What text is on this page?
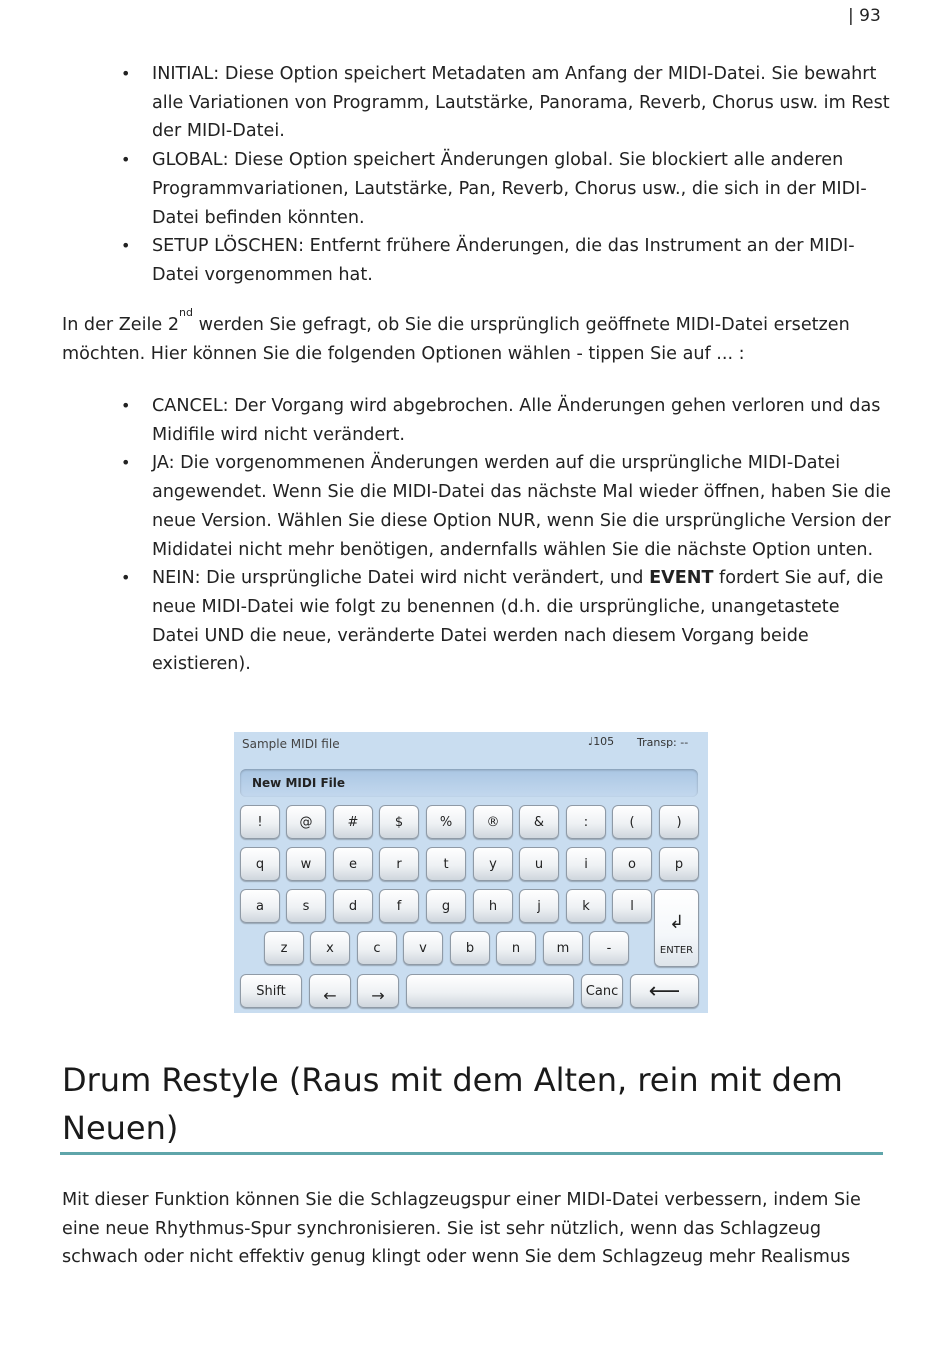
| 93
• INITIAL: Diese Option speichert Metadaten am Anfang der MIDI-Datei. Sie bewahrt alle Variationen von Programm, Lautstärke, Panorama, Reverb, Chorus usw. im Rest der MIDI-Datei.
• GLOBAL: Diese Option speichert Änderungen global. Sie blockiert alle anderen Programmvariationen, Lautstärke, Pan, Reverb, Chorus usw., die sich in der MIDI-Datei befinden könnten.
• SETUP LÖSCHEN: Entfernt frühere Änderungen, die das Instrument an der MIDI-Datei vorgenommen hat.

In der Zeile 2nd werden Sie gefragt, ob Sie die ursprünglich geöffnete MIDI-Datei ersetzen möchten. Hier können Sie die folgenden Optionen wählen - tippen Sie auf ... :

• CANCEL: Der Vorgang wird abgebrochen. Alle Änderungen gehen verloren und das Midifile wird nicht verändert.
• JA: Die vorgenommenen Änderungen werden auf die ursprüngliche MIDI-Datei angewendet. Wenn Sie die MIDI-Datei das nächste Mal wieder öffnen, haben Sie die neue Version. Wählen Sie diese Option NUR, wenn Sie die ursprüngliche Version der Mididatei nicht mehr benötigen, andernfalls wählen Sie die nächste Option unten.
• NEIN: Die ursprüngliche Datei wird nicht verändert, und EVENT fordert Sie auf, die neue MIDI-Datei wie folgt zu benennen (d.h. die ursprüngliche, unangetastete Datei UND die neue, veränderte Datei werden nach diesem Vorgang beide existieren).
Sample MIDI file	♩105 Transp: --
New MIDI File
!	@	#	$	%	®	&	:	(	)
q	w	e	r	t	y	u	i	o	p
a	s	d	f	g	h	j	k	l
↲
ENTER
z	x	c	v	b	n	m	-
Shift	← →	Canc ⟵
Drum Restyle (Raus mit dem Alten, rein mit dem Neuen)

Mit dieser Funktion können Sie die Schlagzeugspur einer MIDI-Datei verbessern, indem Sie eine neue Rhythmus-Spur synchronisieren. Sie ist sehr nützlich, wenn das Schlagzeug schwach oder nicht effektiv genug klingt oder wenn Sie dem Schlagzeug mehr Realismus
